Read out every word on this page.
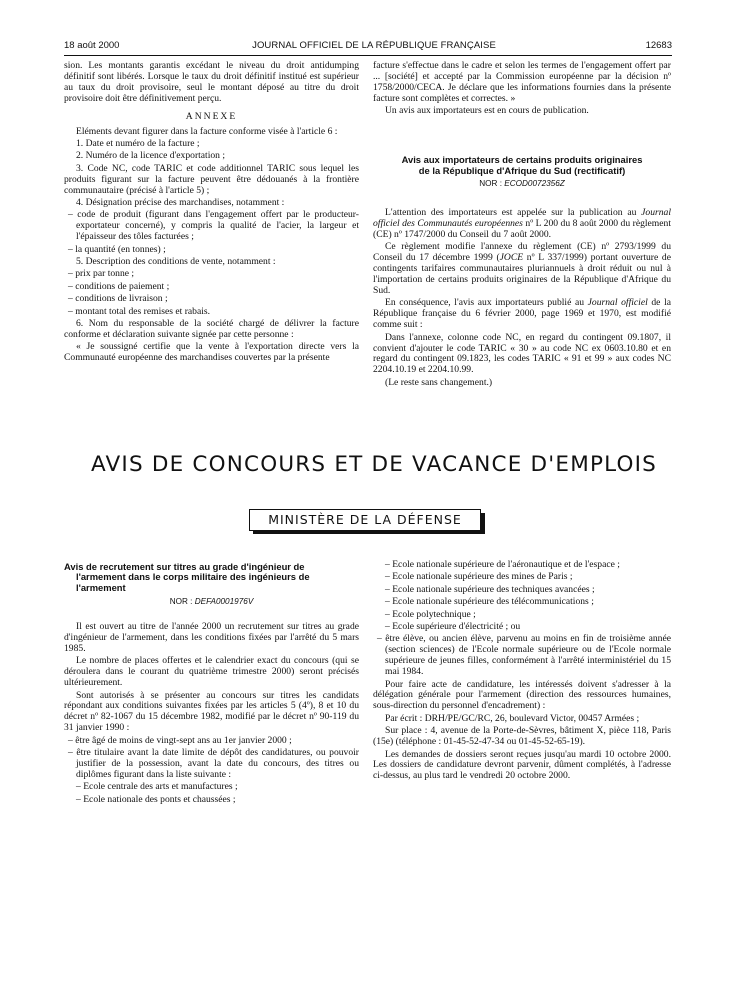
18 août 2000	JOURNAL OFFICIEL DE LA RÉPUBLIQUE FRANÇAISE	12683

sion. Les montants garantis excédant le niveau du droit antidumping définitif sont libérés. Lorsque le taux du droit définitif institué est supérieur au taux du droit provisoire, seul le montant déposé au titre du droit provisoire doit être définitivement perçu.

ANNEXE

Eléments devant figurer dans la facture conforme visée à l'article 6 :

1. Date et numéro de la facture ;

2. Numéro de la licence d'exportation ;

3. Code NC, code TARIC et code additionnel TARIC sous lequel les produits figurant sur la facture peuvent être dédouanés à la frontière communautaire (précisé à l'article 5) ;

4. Désignation précise des marchandises, notamment :

– code de produit (figurant dans l'engagement offert par le producteur-exportateur concerné), y compris la qualité de l'acier, la largeur et l'épaisseur des tôles facturées ;

– la quantité (en tonnes) ;

5. Description des conditions de vente, notamment :

– prix par tonne ;

– conditions de paiement ;

– conditions de livraison ;

– montant total des remises et rabais.

6. Nom du responsable de la société chargé de délivrer la facture conforme et déclaration suivante signée par cette personne :

« Je soussigné certifie que la vente à l'exportation directe vers la Communauté européenne des marchandises couvertes par la présente

facture s'effectue dans le cadre et selon les termes de l'engagement offert par ... [société] et accepté par la Commission européenne par la décision nº 1758/2000/CECA. Je déclare que les informations fournies dans la présente facture sont complètes et correctes. »

Un avis aux importateurs est en cours de publication.

Avis aux importateurs de certains produits originaires
de la République d'Afrique du Sud (rectificatif)

NOR : ECOD0072356Z

L'attention des importateurs est appelée sur la publication au Journal officiel des Communautés européennes nº L 200 du 8 août 2000 du règlement (CE) nº 1747/2000 du Conseil du 7 août 2000.

Ce règlement modifie l'annexe du règlement (CE) nº 2793/1999 du Conseil du 17 décembre 1999 (JOCE nº L 337/1999) portant ouverture de contingents tarifaires communautaires pluriannuels à droit réduit ou nul à l'importation de certains produits originaires de la République d'Afrique du Sud.

En conséquence, l'avis aux importateurs publié au Journal officiel de la République française du 6 février 2000, page 1969 et 1970, est modifié comme suit :

Dans l'annexe, colonne code NC, en regard du contingent 09.1807, il convient d'ajouter le code TARIC « 30 » au code NC ex 0603.10.80 et en regard du contingent 09.1823, les codes TARIC « 91 et 99 » aux codes NC 2204.10.19 et 2204.10.99.

(Le reste sans changement.)

AVIS DE CONCOURS ET DE VACANCE D'EMPLOIS
MINISTÈRE DE LA DÉFENSE

Avis de recrutement sur titres au grade d'ingénieur de
l'armement dans le corps militaire des ingénieurs de
l'armement

NOR : DEFA0001976V

Il est ouvert au titre de l'année 2000 un recrutement sur titres au grade d'ingénieur de l'armement, dans les conditions fixées par l'arrêté du 5 mars 1985.

Le nombre de places offertes et le calendrier exact du concours (qui se déroulera dans le courant du quatrième trimestre 2000) seront précisés ultérieurement.

Sont autorisés à se présenter au concours sur titres les candidats répondant aux conditions suivantes fixées par les articles 5 (4º), 8 et 10 du décret nº 82-1067 du 15 décembre 1982, modifié par le décret nº 90-119 du 31 janvier 1990 :

– être âgé de moins de vingt-sept ans au 1er janvier 2000 ;

– être titulaire avant la date limite de dépôt des candidatures, ou pouvoir justifier de la possession, avant la date du concours, des titres ou diplômes figurant dans la liste suivante :

– Ecole centrale des arts et manufactures ;

– Ecole nationale des ponts et chaussées ;

– Ecole nationale supérieure de l'aéronautique et de l'espace ;

– Ecole nationale supérieure des mines de Paris ;

– Ecole nationale supérieure des techniques avancées ;

– Ecole nationale supérieure des télécommunications ;

– Ecole polytechnique ;

– Ecole supérieure d'électricité ; ou

– être élève, ou ancien élève, parvenu au moins en fin de troisième année (section sciences) de l'Ecole normale supérieure ou de l'Ecole normale supérieure de jeunes filles, conformément à l'arrêté interministériel du 15 mai 1984.

Pour faire acte de candidature, les intéressés doivent s'adresser à la délégation générale pour l'armement (direction des ressources humaines, sous-direction du personnel d'encadrement) :

Par écrit : DRH/PE/GC/RC, 26, boulevard Victor, 00457 Armées ;

Sur place : 4, avenue de la Porte-de-Sèvres, bâtiment X, pièce 118, Paris (15e) (téléphone : 01-45-52-47-34 ou 01-45-52-65-19).

Les demandes de dossiers seront reçues jusqu'au mardi 10 octobre 2000. Les dossiers de candidature devront parvenir, dûment complétés, à l'adresse ci-dessus, au plus tard le vendredi 20 octobre 2000.
